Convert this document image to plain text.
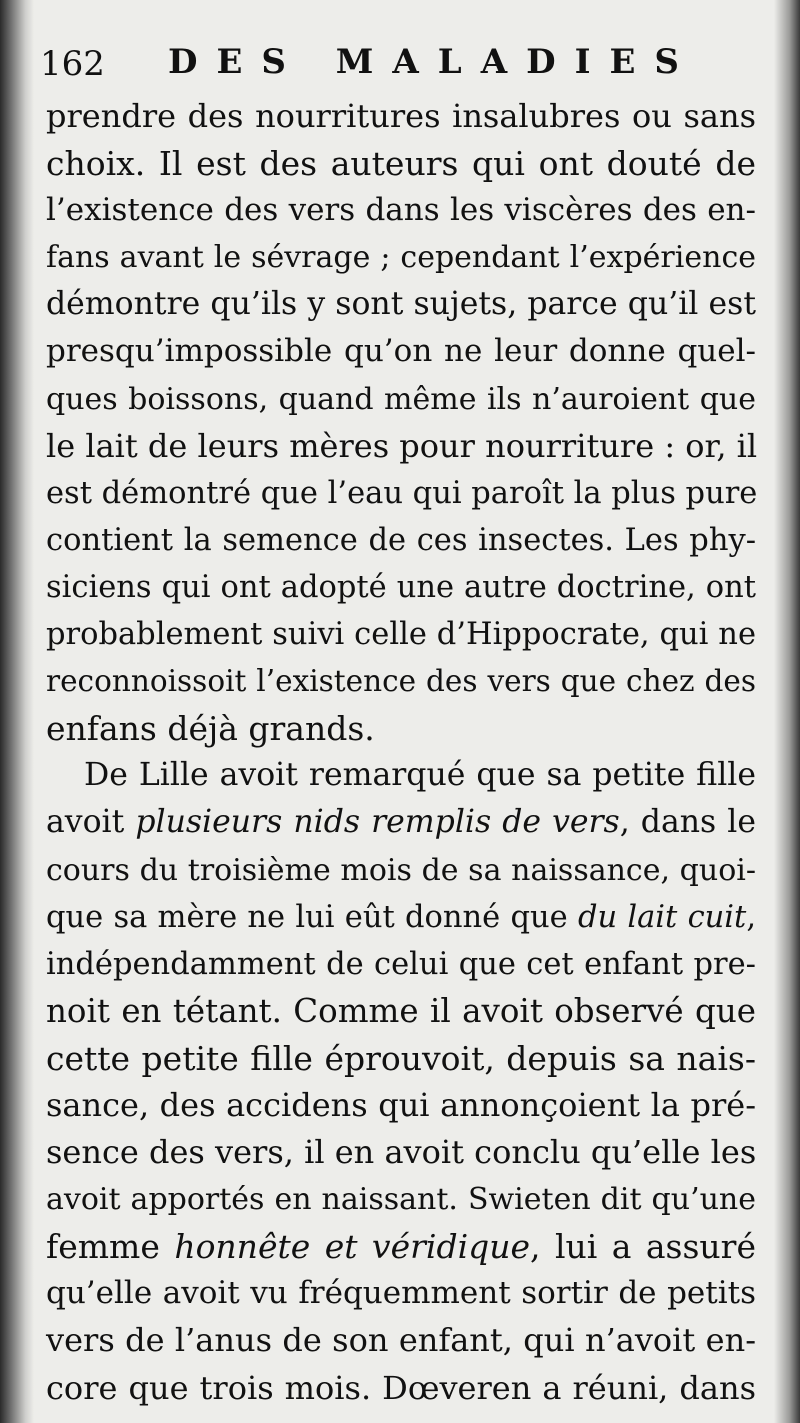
162 DES MALADIES
prendre des nourritures insalubres ou sans
choix. Il est des auteurs qui ont douté de
l’existence des vers dans les viscères des en-
fans avant le sévrage ; cependant l’expérience
démontre qu’ils y sont sujets, parce qu’il est
presqu’impossible qu’on ne leur donne quel-
ques boissons, quand même ils n’auroient que
le lait de leurs mères pour nourriture : or, il
est démontré que l’eau qui paroît la plus pure
contient la semence de ces insectes. Les phy-
siciens qui ont adopté une autre doctrine, ont
probablement suivi celle d’Hippocrate, qui ne
reconnoissoit l’existence des vers que chez des
enfans déjà grands.
De Lille avoit remarqué que sa petite fille
avoit plusieurs nids remplis de vers, dans le
cours du troisième mois de sa naissance, quoi-
que sa mère ne lui eût donné que du lait cuit,
indépendamment de celui que cet enfant pre-
noit en tétant. Comme il avoit observé que
cette petite fille éprouvoit, depuis sa nais-
sance, des accidens qui annonçoient la pré-
sence des vers, il en avoit conclu qu’elle les
avoit apportés en naissant. Swieten dit qu’une
femme honnête et véridique, lui a assuré
qu’elle avoit vu fréquemment sortir de petits
vers de l’anus de son enfant, qui n’avoit en-
core que trois mois. Dœveren a réuni, dans
